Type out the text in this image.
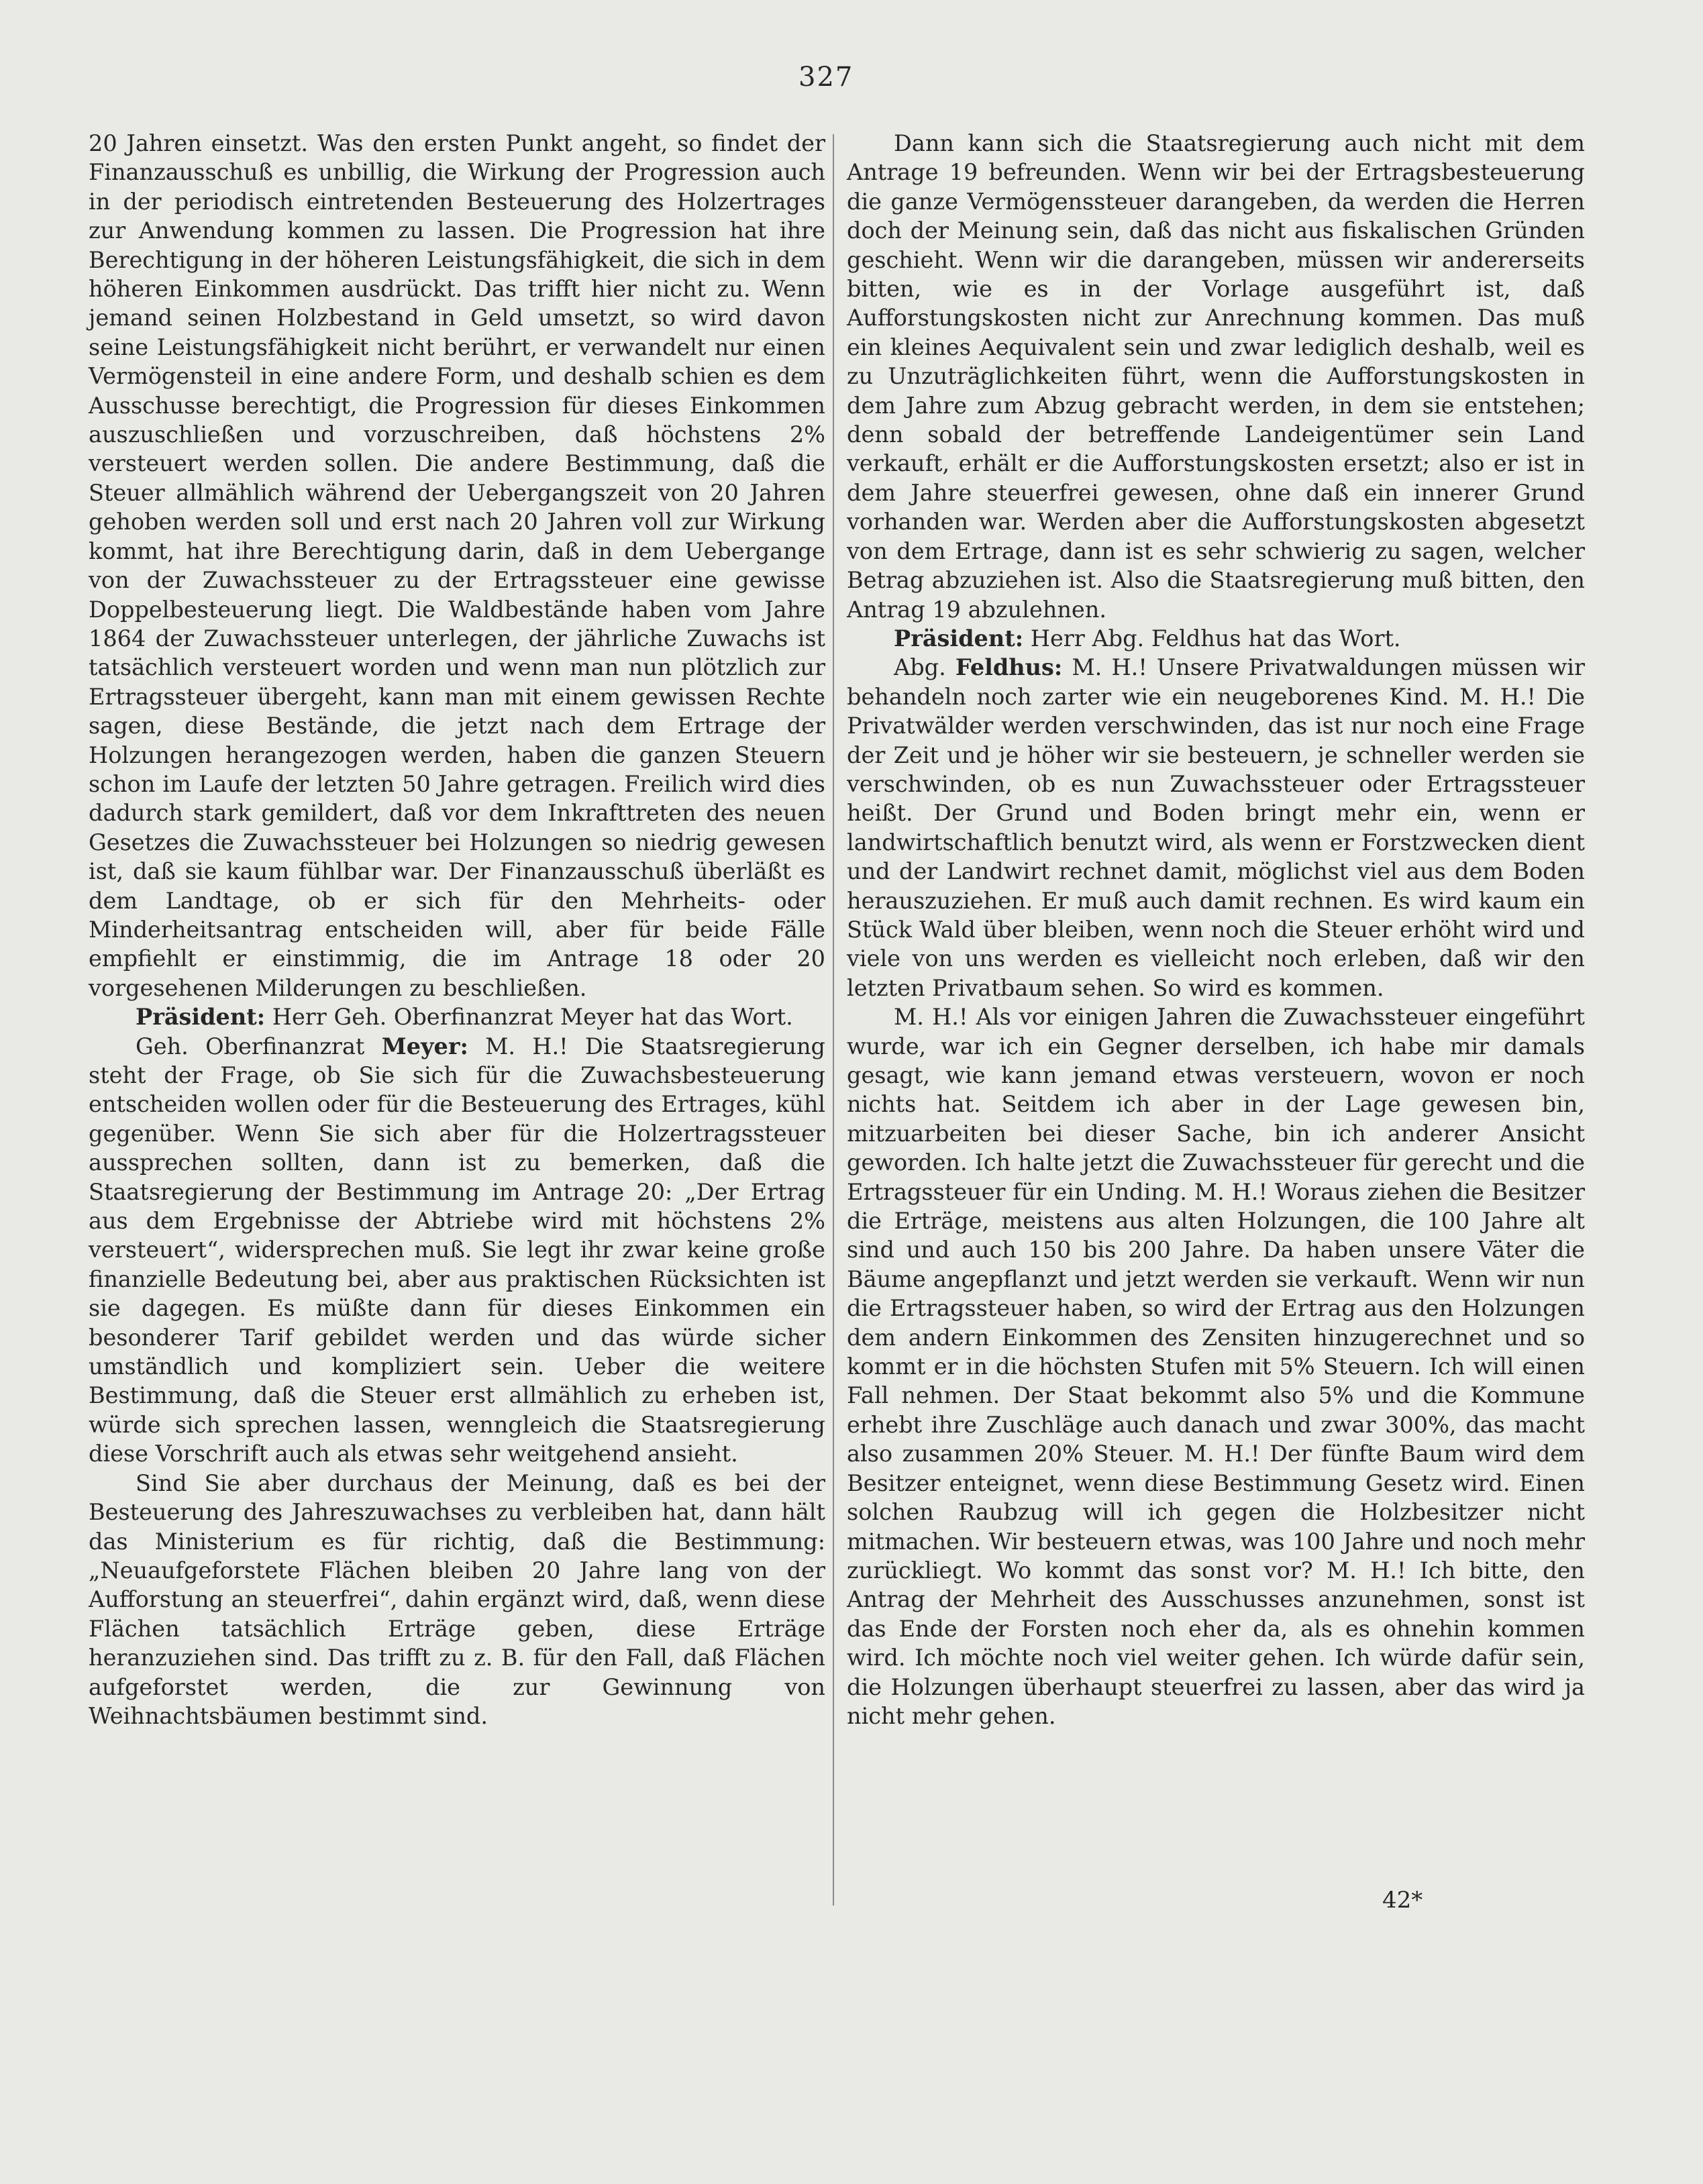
327

20 Jahren einsetzt. Was den ersten Punkt angeht, so findet der Finanzausschuß es unbillig, die Wirkung der Progression auch in der periodisch eintretenden Besteuerung des Holzertrages zur Anwendung kommen zu lassen. Die Progression hat ihre Berechtigung in der höheren Leistungsfähigkeit, die sich in dem höheren Einkommen ausdrückt. Das trifft hier nicht zu. Wenn jemand seinen Holzbestand in Geld umsetzt, so wird davon seine Leistungsfähigkeit nicht berührt, er verwandelt nur einen Vermögensteil in eine andere Form, und deshalb schien es dem Ausschusse berechtigt, die Progression für dieses Einkommen auszuschließen und vorzuschreiben, daß höchstens 2% versteuert werden sollen. Die andere Bestimmung, daß die Steuer allmählich während der Uebergangszeit von 20 Jahren gehoben werden soll und erst nach 20 Jahren voll zur Wirkung kommt, hat ihre Berechtigung darin, daß in dem Uebergange von der Zuwachssteuer zu der Ertragssteuer eine gewisse Doppelbesteuerung liegt. Die Waldbestände haben vom Jahre 1864 der Zuwachssteuer unterlegen, der jährliche Zuwachs ist tatsächlich versteuert worden und wenn man nun plötzlich zur Ertragssteuer übergeht, kann man mit einem gewissen Rechte sagen, diese Bestände, die jetzt nach dem Ertrage der Holzungen herangezogen werden, haben die ganzen Steuern schon im Laufe der letzten 50 Jahre getragen. Freilich wird dies dadurch stark gemildert, daß vor dem Inkrafttreten des neuen Gesetzes die Zuwachssteuer bei Holzungen so niedrig gewesen ist, daß sie kaum fühlbar war. Der Finanzausschuß überläßt es dem Landtage, ob er sich für den Mehrheits- oder Minderheitsantrag entscheiden will, aber für beide Fälle empfiehlt er einstimmig, die im Antrage 18 oder 20 vorgesehenen Milderungen zu beschließen.

Präsident: Herr Geh. Oberfinanzrat Meyer hat das Wort.

Geh. Oberfinanzrat Meyer: M. H.! Die Staatsregierung steht der Frage, ob Sie sich für die Zuwachsbesteuerung entscheiden wollen oder für die Besteuerung des Ertrages, kühl gegenüber. Wenn Sie sich aber für die Holzertragssteuer aussprechen sollten, dann ist zu bemerken, daß die Staatsregierung der Bestimmung im Antrage 20: „Der Ertrag aus dem Ergebnisse der Abtriebe wird mit höchstens 2% versteuert“, widersprechen muß. Sie legt ihr zwar keine große finanzielle Bedeutung bei, aber aus praktischen Rücksichten ist sie dagegen. Es müßte dann für dieses Einkommen ein besonderer Tarif gebildet werden und das würde sicher umständlich und kompliziert sein. Ueber die weitere Bestimmung, daß die Steuer erst allmählich zu erheben ist, würde sich sprechen lassen, wenngleich die Staatsregierung diese Vorschrift auch als etwas sehr weitgehend ansieht.

Sind Sie aber durchaus der Meinung, daß es bei der Besteuerung des Jahreszuwachses zu verbleiben hat, dann hält das Ministerium es für richtig, daß die Bestimmung: „Neuaufgeforstete Flächen bleiben 20 Jahre lang von der Aufforstung an steuerfrei“, dahin ergänzt wird, daß, wenn diese Flächen tatsächlich Erträge geben, diese Erträge heranzuziehen sind. Das trifft zu z. B. für den Fall, daß Flächen aufgeforstet werden, die zur Gewinnung von Weihnachtsbäumen bestimmt sind.

Dann kann sich die Staatsregierung auch nicht mit dem Antrage 19 befreunden. Wenn wir bei der Ertragsbesteuerung die ganze Vermögenssteuer darangeben, da werden die Herren doch der Meinung sein, daß das nicht aus fiskalischen Gründen geschieht. Wenn wir die darangeben, müssen wir andererseits bitten, wie es in der Vorlage ausgeführt ist, daß Aufforstungskosten nicht zur Anrechnung kommen. Das muß ein kleines Aequivalent sein und zwar lediglich deshalb, weil es zu Unzuträglichkeiten führt, wenn die Aufforstungskosten in dem Jahre zum Abzug gebracht werden, in dem sie entstehen; denn sobald der betreffende Landeigentümer sein Land verkauft, erhält er die Aufforstungskosten ersetzt; also er ist in dem Jahre steuerfrei gewesen, ohne daß ein innerer Grund vorhanden war. Werden aber die Aufforstungskosten abgesetzt von dem Ertrage, dann ist es sehr schwierig zu sagen, welcher Betrag abzuziehen ist. Also die Staatsregierung muß bitten, den Antrag 19 abzulehnen.

Präsident: Herr Abg. Feldhus hat das Wort.

Abg. Feldhus: M. H.! Unsere Privatwaldungen müssen wir behandeln noch zarter wie ein neugeborenes Kind. M. H.! Die Privatwälder werden verschwinden, das ist nur noch eine Frage der Zeit und je höher wir sie besteuern, je schneller werden sie verschwinden, ob es nun Zuwachssteuer oder Ertragssteuer heißt. Der Grund und Boden bringt mehr ein, wenn er landwirtschaftlich benutzt wird, als wenn er Forstzwecken dient und der Landwirt rechnet damit, möglichst viel aus dem Boden herauszuziehen. Er muß auch damit rechnen. Es wird kaum ein Stück Wald über bleiben, wenn noch die Steuer erhöht wird und viele von uns werden es vielleicht noch erleben, daß wir den letzten Privatbaum sehen. So wird es kommen.

M. H.! Als vor einigen Jahren die Zuwachssteuer eingeführt wurde, war ich ein Gegner derselben, ich habe mir damals gesagt, wie kann jemand etwas versteuern, wovon er noch nichts hat. Seitdem ich aber in der Lage gewesen bin, mitzuarbeiten bei dieser Sache, bin ich anderer Ansicht geworden. Ich halte jetzt die Zuwachssteuer für gerecht und die Ertragssteuer für ein Unding. M. H.! Woraus ziehen die Besitzer die Erträge, meistens aus alten Holzungen, die 100 Jahre alt sind und auch 150 bis 200 Jahre. Da haben unsere Väter die Bäume angepflanzt und jetzt werden sie verkauft. Wenn wir nun die Ertragssteuer haben, so wird der Ertrag aus den Holzungen dem andern Einkommen des Zensiten hinzugerechnet und so kommt er in die höchsten Stufen mit 5% Steuern. Ich will einen Fall nehmen. Der Staat bekommt also 5% und die Kommune erhebt ihre Zuschläge auch danach und zwar 300%, das macht also zusammen 20% Steuer. M. H.! Der fünfte Baum wird dem Besitzer enteignet, wenn diese Bestimmung Gesetz wird. Einen solchen Raubzug will ich gegen die Holzbesitzer nicht mitmachen. Wir besteuern etwas, was 100 Jahre und noch mehr zurückliegt. Wo kommt das sonst vor? M. H.! Ich bitte, den Antrag der Mehrheit des Ausschusses anzunehmen, sonst ist das Ende der Forsten noch eher da, als es ohnehin kommen wird. Ich möchte noch viel weiter gehen. Ich würde dafür sein, die Holzungen überhaupt steuerfrei zu lassen, aber das wird ja nicht mehr gehen.

42*
